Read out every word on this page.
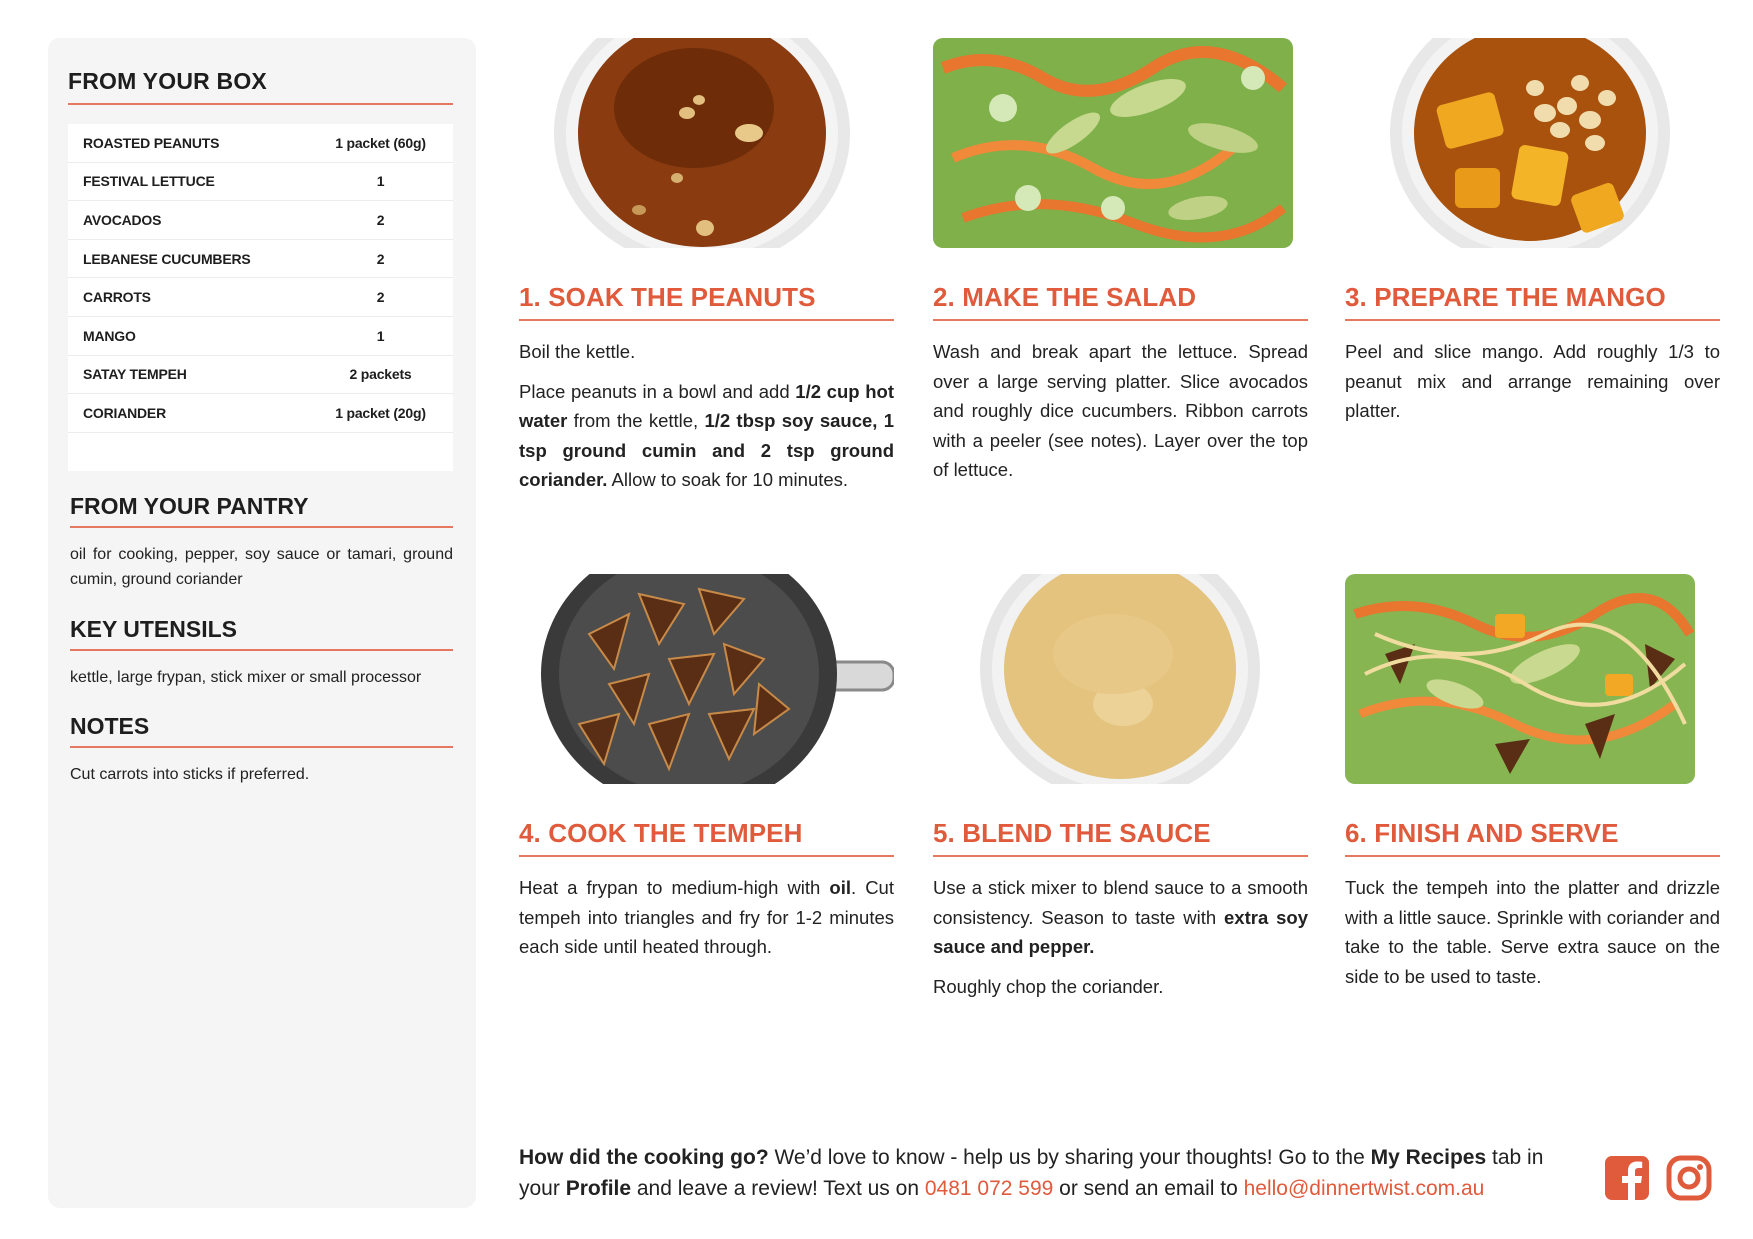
FROM YOUR BOX
ROASTED PEANUTS	1 packet (60g)
FESTIVAL LETTUCE	1
AVOCADOS	2
LEBANESE CUCUMBERS	2
CARROTS	2
MANGO	1
SATAY TEMPEH	2 packets
CORIANDER	1 packet (20g)
FROM YOUR PANTRY
oil for cooking, pepper, soy sauce or tamari, ground cumin, ground coriander
KEY UTENSILS
kettle, large frypan, stick mixer or small processor
NOTES
Cut carrots into sticks if preferred.
1. SOAK THE PEANUTS

Boil the kettle.

Place peanuts in a bowl and add 1/2 cup hot water from the kettle, 1/2 tbsp soy sauce, 1 tsp ground cumin and 2 tsp ground coriander. Allow to soak for 10 minutes.

2. MAKE THE SALAD

Wash and break apart the lettuce. Spread over a large serving platter. Slice avocados and roughly dice cucumbers. Ribbon carrots with a peeler (see notes). Layer over the top of lettuce.

3. PREPARE THE MANGO

Peel and slice mango. Add roughly 1/3 to peanut mix and arrange remaining over platter.

4. COOK THE TEMPEH

Heat a frypan to medium-high with oil. Cut tempeh into triangles and fry for 1-2 minutes each side until heated through.

5. BLEND THE SAUCE

Use a stick mixer to blend sauce to a smooth consistency. Season to taste with extra soy sauce and pepper.

Roughly chop the coriander.

6. FINISH AND SERVE

Tuck the tempeh into the platter and drizzle with a little sauce. Sprinkle with coriander and take to the table. Serve extra sauce on the side to be used to taste.

How did the cooking go? We’d love to know - help us by sharing your thoughts! Go to the My Recipes tab in your Profile and leave a review! Text us on 0481 072 599 or send an email to hello@dinnertwist.com.au
